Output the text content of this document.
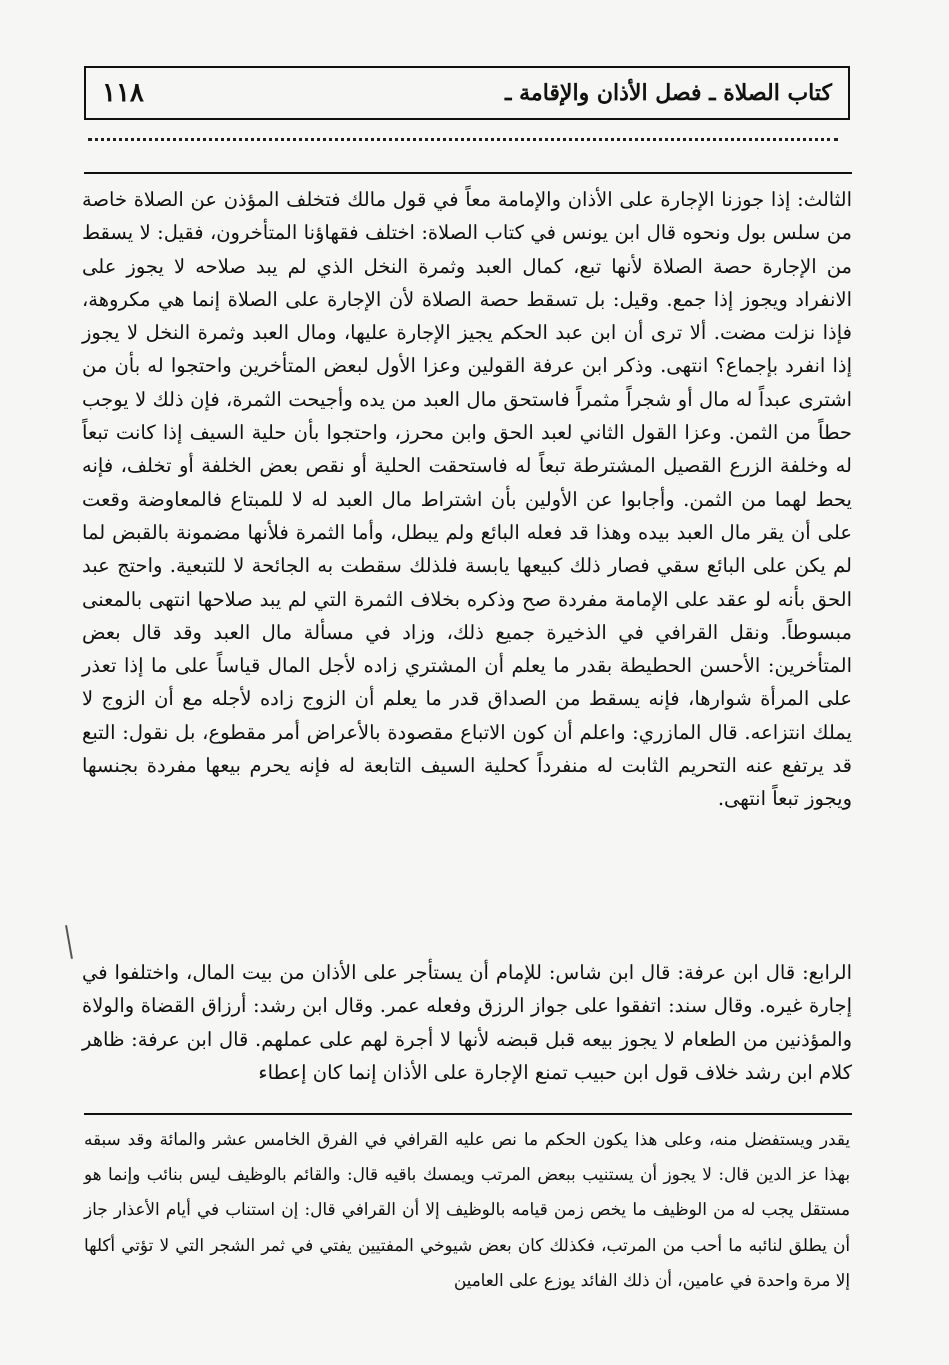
١١٨	كتاب الصلاة ـ فصل الأذان والإقامة ـ

الثالث: إذا جوزنا الإجارة على الأذان والإمامة معاً في قول مالك فتخلف المؤذن عن الصلاة خاصة من سلس بول ونحوه قال ابن يونس في كتاب الصلاة: اختلف فقهاؤنا المتأخرون، فقيل: لا يسقط من الإجارة حصة الصلاة لأنها تبع، كمال العبد وثمرة النخل الذي لم يبد صلاحه لا يجوز على الانفراد ويجوز إذا جمع. وقيل: بل تسقط حصة الصلاة لأن الإجارة على الصلاة إنما هي مكروهة، فإذا نزلت مضت. ألا ترى أن ابن عبد الحكم يجيز الإجارة عليها، ومال العبد وثمرة النخل لا يجوز إذا انفرد بإجماع؟ انتهى. وذكر ابن عرفة القولين وعزا الأول لبعض المتأخرين واحتجوا له بأن من اشترى عبداً له مال أو شجراً مثمراً فاستحق مال العبد من يده وأجيحت الثمرة، فإن ذلك لا يوجب حطاً من الثمن. وعزا القول الثاني لعبد الحق وابن محرز، واحتجوا بأن حلية السيف إذا كانت تبعاً له وخلفة الزرع القصيل المشترطة تبعاً له فاستحقت الحلية أو نقص بعض الخلفة أو تخلف، فإنه يحط لهما من الثمن. وأجابوا عن الأولين بأن اشتراط مال العبد له لا للمبتاع فالمعاوضة وقعت على أن يقر مال العبد بيده وهذا قد فعله البائع ولم يبطل، وأما الثمرة فلأنها مضمونة بالقبض لما لم يكن على البائع سقي فصار ذلك كبيعها يابسة فلذلك سقطت به الجائحة لا للتبعية. واحتج عبد الحق بأنه لو عقد على الإمامة مفردة صح وذكره بخلاف الثمرة التي لم يبد صلاحها انتهى بالمعنى مبسوطاً. ونقل القرافي في الذخيرة جميع ذلك، وزاد في مسألة مال العبد وقد قال بعض المتأخرين: الأحسن الحطيطة بقدر ما يعلم أن المشتري زاده لأجل المال قياساً على ما إذا تعذر على المرأة شوارها، فإنه يسقط من الصداق قدر ما يعلم أن الزوج زاده لأجله مع أن الزوج لا يملك انتزاعه. قال المازري: واعلم أن كون الاتباع مقصودة بالأعراض أمر مقطوع، بل نقول: التبع قد يرتفع عنه التحريم الثابت له منفرداً كحلية السيف التابعة له فإنه يحرم بيعها مفردة بجنسها ويجوز تبعاً انتهى.

الرابع: قال ابن عرفة: قال ابن شاس: للإمام أن يستأجر على الأذان من بيت المال، واختلفوا في إجارة غيره. وقال سند: اتفقوا على جواز الرزق وفعله عمر. وقال ابن رشد: أرزاق القضاة والولاة والمؤذنين من الطعام لا يجوز بيعه قبل قبضه لأنها لا أجرة لهم على عملهم. قال ابن عرفة: ظاهر كلام ابن رشد خلاف قول ابن حبيب تمنع الإجارة على الأذان إنما كان إعطاء

يقدر ويستفضل منه، وعلى هذا يكون الحكم ما نص عليه القرافي في الفرق الخامس عشر والمائة وقد سبقه بهذا عز الدين قال: لا يجوز أن يستنيب ببعض المرتب ويمسك باقيه قال: والقائم بالوظيف ليس بنائب وإنما هو مستقل يجب له من الوظيف ما يخص زمن قيامه بالوظيف إلا أن القرافي قال: إن استناب في أيام الأعذار جاز أن يطلق لنائبه ما أحب من المرتب، فكذلك كان بعض شيوخي المفتيين يفتي في ثمر الشجر التي لا تؤتي أكلها إلا مرة واحدة في عامين، أن ذلك الفائد يوزع على العامين
